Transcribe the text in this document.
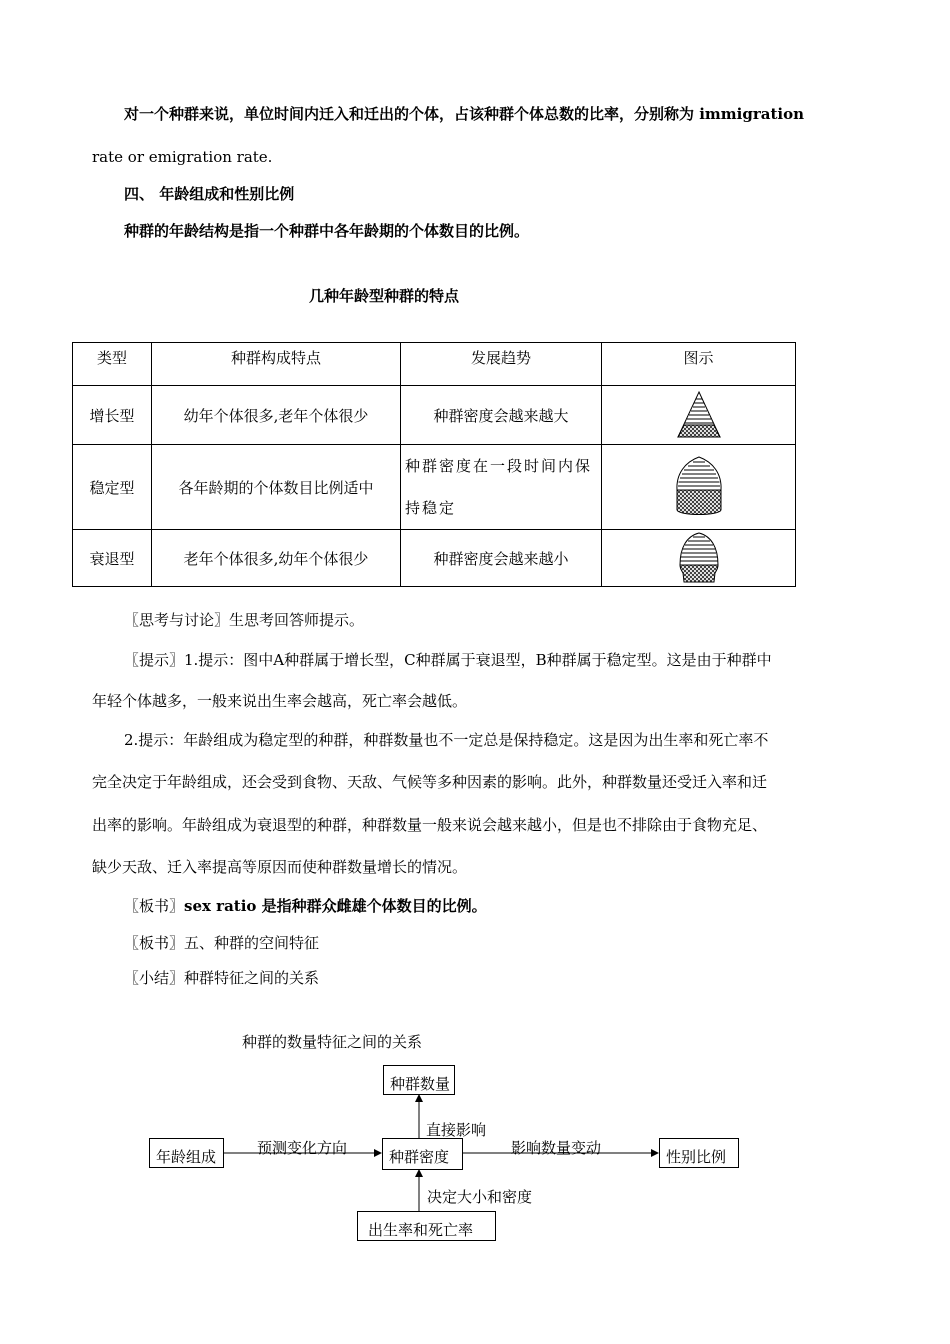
对一个种群来说，单位时间内迁入和迁出的个体，占该种群个体总数的比率，分别称为 immigration
rate or emigration rate.
四、 年龄组成和性别比例
种群的年龄结构是指一个种群中各年龄期的个体数目的比例。
几种年龄型种群的特点
类型	种群构成特点	发展趋势	图示
增长型	幼年个体很多,老年个体很少	种群密度会越来越大	

稳定型	各年龄期的个体数目比例适中	种群密度在一段时间内保持稳定	

衰退型	老年个体很多,幼年个体很少	种群密度会越来越小	
〖思考与讨论〗生思考回答师提示。
〖提示〗1.提示：图中A种群属于增长型，C种群属于衰退型，B种群属于稳定型。这是由于种群中
年轻个体越多，一般来说出生率会越高，死亡率会越低。
2.提示：年龄组成为稳定型的种群，种群数量也不一定总是保持稳定。这是因为出生率和死亡率不
完全决定于年龄组成，还会受到食物、天敌、气候等多种因素的影响。此外，种群数量还受迁入率和迁
出率的影响。年龄组成为衰退型的种群，种群数量一般来说会越来越小，但是也不排除由于食物充足、
缺少天敌、迁入率提高等原因而使种群数量增长的情况。
〖板书〗sex ratio 是指种群众雌雄个体数目的比例。
〖板书〗五、种群的空间特征
〖小结〗种群特征之间的关系
种群的数量特征之间的关系
种群数量
年龄组成	种群密度	性别比例
出生率和死亡率
直接影响
预测变化方向	影响数量变动
决定大小和密度
